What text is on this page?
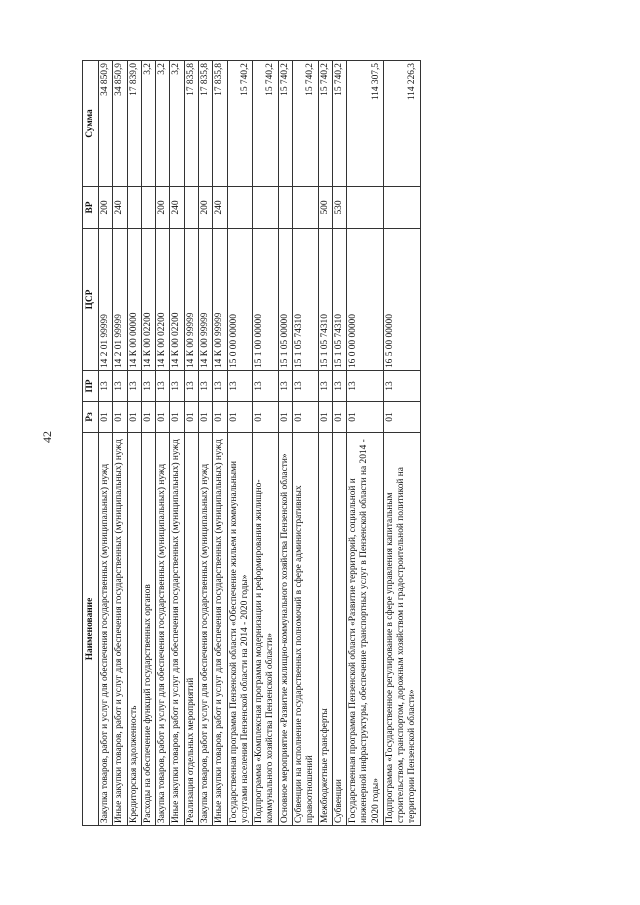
42
Наименование	Рз	ПР	ЦСР	ВР	Сумма
Закупка товаров, работ и услуг для обеспечения государственных (муниципальных) нужд	01	13	14 2 01 99999	200	34 850,9
Иные закупки товаров, работ и услуг для обеспечения государственных (муниципальных) нужд	01	13	14 2 01 99999	240	34 850,9
Кредиторская задолженность	01	13	14 К 00 00000		17 839,0
Расходы на обеспечение функций государственных органов	01	13	14 К 00 02200		3,2
Закупка товаров, работ и услуг для обеспечения государственных (муниципальных) нужд	01	13	14 К 00 02200	200	3,2
Иные закупки товаров, работ и услуг для обеспечения государственных (муниципальных) нужд	01	13	14 К 00 02200	240	3,2
Реализация отдельных мероприятий	01	13	14 К 00 99999		17 835,8
Закупка товаров, работ и услуг для обеспечения государственных (муниципальных) нужд	01	13	14 К 00 99999	200	17 835,8
Иные закупки товаров, работ и услуг для обеспечения государственных (муниципальных) нужд	01	13	14 К 00 99999	240	17 835,8
Государственная программа Пензенской области «Обеспечение жильем и коммунальными услугами населения Пензенской области на 2014 - 2020 годы»	01	13	15 0 00 00000		15 740,2
Подпрограмма «Комплексная программа модернизации и реформирования жилищно-коммунального хозяйства Пензенской области»	01	13	15 1 00 00000		15 740,2
Основное мероприятие «Развитие жилищно-коммунального хозяйства Пензенской области»	01	13	15 1 05 00000		15 740,2
Субвенции на исполнение государственных полномочий в сфере административных правоотношений	01	13	15 1 05 74310		15 740,2
Межбюджетные трансферты	01	13	15 1 05 74310	500	15 740,2
Субвенции	01	13	15 1 05 74310	530	15 740,2
Государственная программа Пензенской области «Развитие территорий, социальной и инженерной инфраструктуры, обеспечение транспортных услуг в Пензенской области на 2014 - 2020 годы»	01	13	16 0 00 00000		114 307,5
Подпрограмма «Государственное регулирование в сфере управления капитальным строительством, транспортом, дорожным хозяйством и градостроительной политикой на территории Пензенской области»	01	13	16 5 00 00000		114 226,3
